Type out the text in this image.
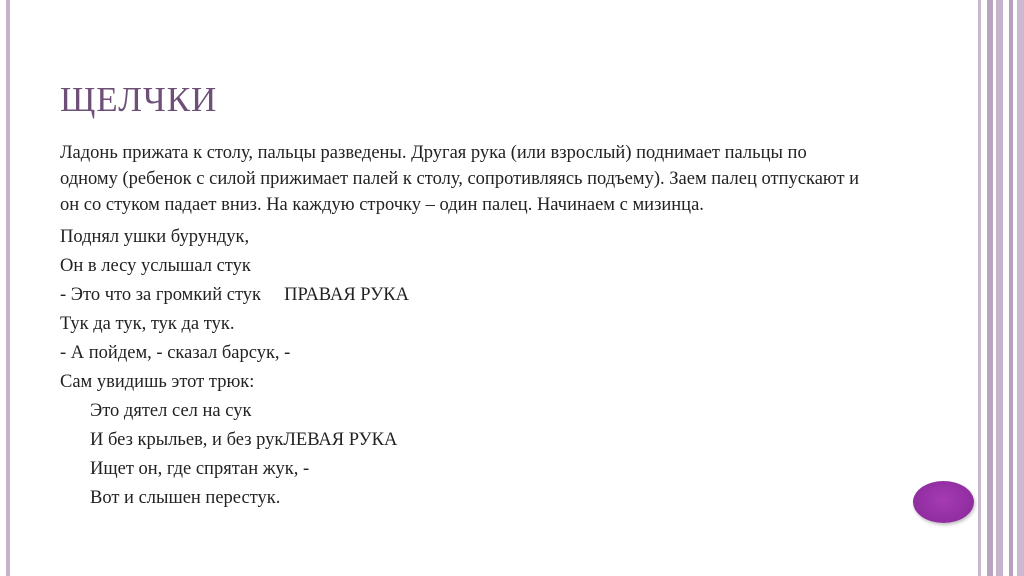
ЩЕЛЧКИ

Ладонь прижата к столу, пальцы разведены. Другая рука (или взрослый) поднимает пальцы по одному (ребенок с силой прижимает палей к столу, сопротивляясь подъему). Заем палец отпускают и он со стуком падает вниз. На каждую строчку – один палец. Начинаем с мизинца.

Поднял ушки бурундук,
Он в лесу услышал стук
- Это что за громкий стук ПРАВАЯ РУКА
Тук да тук, тук да тук.
- А пойдем, - сказал барсук, -
Сам увидишь этот трюк:
Это дятел сел на сук
И без крыльев, и без рук ЛЕВАЯ РУКА
Ищет он, где спрятан жук, -
Вот и слышен перестук.
